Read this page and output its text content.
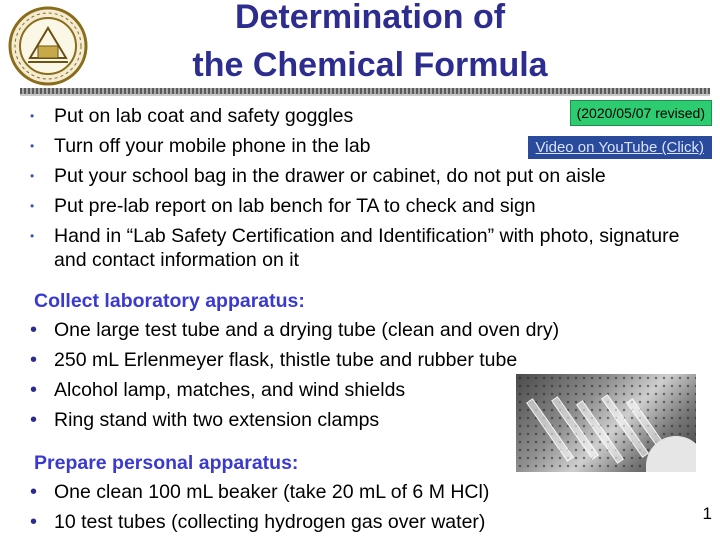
Determination of
the Chemical Formula
(2020/05/07 revised)
Video on YouTube (Click)
• Put on lab coat and safety goggles
• Turn off your mobile phone in the lab
• Put your school bag in the drawer or cabinet, do not put on aisle
• Put pre-lab report on lab bench for TA to check and sign
• Hand in “Lab Safety Certification and Identification” with photo, signature and contact information on it
Collect laboratory apparatus:
• One large test tube and a drying tube (clean and oven dry)
• 250 mL Erlenmeyer flask, thistle tube and rubber tube
• Alcohol lamp, matches, and wind shields
• Ring stand with two extension clamps
Prepare personal apparatus:
• One clean 100 mL beaker (take 20 mL of 6 M HCl)
• 10 test tubes (collecting hydrogen gas over water)	1
